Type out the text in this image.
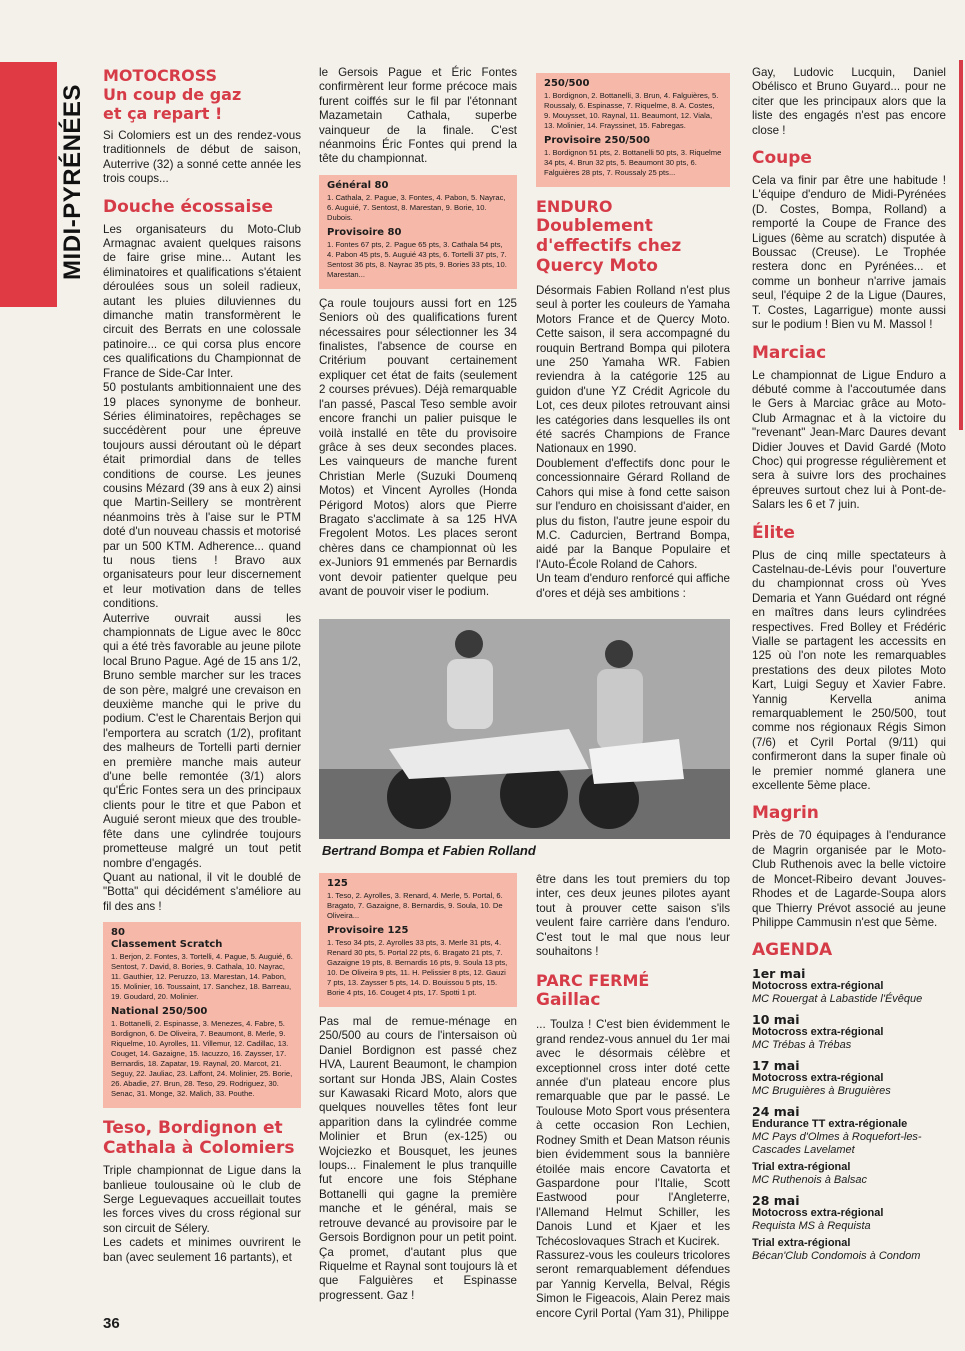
MIDI-PYRÉNÉES
MOTOCROSS
Un coup de gaz
et ça repart !

Si Colomiers est un des rendez-vous traditionnels de début de saison, Auterrive (32) a sonné cette année les trois coups...

Douche écossaise

Les organisateurs du Moto-Club Armagnac avaient quelques raisons de faire grise mine... Autant les éliminatoires et qualifications s'étaient déroulées sous un soleil radieux, autant les pluies diluviennes du dimanche matin transformèrent le circuit des Berrats en une colossale patinoire... ce qui corsa plus encore ces qualifications du Championnat de France de Side-Car Inter.

50 postulants ambitionnaient une des 19 places synonyme de bonheur. Séries éliminatoires, repêchages se succédèrent pour une épreuve toujours aussi déroutant où le départ était primordial dans de telles conditions de course. Les jeunes cousins Mézard (39 ans à eux 2) ainsi que Martin-Seillery se montrèrent néanmoins très à l'aise sur le PTM doté d'un nouveau chassis et motorisé par un 500 KTM. Adherence... quand tu nous tiens ! Bravo aux organisateurs pour leur discernement et leur motivation dans de telles conditions.

Auterrive ouvrait aussi les championnats de Ligue avec le 80cc qui a été très favorable au jeune pilote local Bruno Pague. Agé de 15 ans 1/2, Bruno semble marcher sur les traces de son père, malgré une crevaison en deuxième manche qui le prive du podium. C'est le Charentais Berjon qui l'emportera au scratch (1/2), profitant des malheurs de Tortelli parti dernier en première manche mais auteur d'une belle remontée (3/1) alors qu'Éric Fontes sera un des principaux clients pour le titre et que Pabon et Auguié seront mieux que des trouble-fête dans une cylindrée toujours prometteuse malgré un tout petit nombre d'engagés.

Quant au national, il vit le doublé de "Botta" qui décidément s'améliore au fil des ans !

80
Classement Scratch
1. Berjon, 2. Fontes, 3. Tortelli, 4. Pague, 5. Auguié, 6. Sentost, 7. David, 8. Bories, 9. Cathala, 10. Nayrac, 11. Gauthier, 12. Peruzzo, 13. Marestan, 14. Pabon, 15. Molinier, 16. Toussaint, 17. Sanchez, 18. Barreau, 19. Goudard, 20. Molinier.
National 250/500
1. Bottanelli, 2. Espinasse, 3. Menezes, 4. Fabre, 5. Bordignon, 6. De Oliveira, 7. Beaumont, 8. Merle, 9. Riquelme, 10. Ayrolles, 11. Villemur, 12. Cadillac, 13. Couget, 14. Gazaigne, 15. Iacuzzo, 16. Zaysser, 17. Bernardis, 18. Zapatar, 19. Raynal, 20. Marcot, 21. Seguy, 22. Jauliac, 23. Laffont, 24. Molinier, 25. Borie, 26. Abadie, 27. Brun, 28. Teso, 29. Rodriguez, 30. Senac, 31. Monge, 32. Malich, 33. Pouthe.
Teso, Bordignon et Cathala à Colomiers

Triple championnat de Ligue dans la banlieue toulousaine où le club de Serge Leguevaques accueillait toutes les forces vives du cross régional sur son circuit de Sélery.

Les cadets et minimes ouvrirent le ban (avec seulement 16 partants), et

le Gersois Pague et Éric Fontes confirmèrent leur forme précoce mais furent coiffés sur le fil par l'étonnant Mazametain Cathala, superbe vainqueur de la finale. C'est néanmoins Éric Fontes qui prend la tête du championnat.

Général 80
1. Cathala, 2. Pague, 3. Fontes, 4. Pabon, 5. Nayrac, 6. Auguié, 7. Sentost, 8. Marestan, 9. Borie, 10. Dubois.
Provisoire 80
1. Fontes 67 pts, 2. Pague 65 pts, 3. Cathala 54 pts, 4. Pabon 45 pts, 5. Auguié 43 pts, 6. Tortelli 37 pts, 7. Sentost 36 pts, 8. Nayrac 35 pts, 9. Bories 33 pts, 10. Marestan...

Ça roule toujours aussi fort en 125 Seniors où des qualifications furent nécessaires pour sélectionner les 34 finalistes, l'absence de course en Critérium pouvant certainement expliquer cet état de faits (seulement 2 courses prévues). Déjà remarquable l'an passé, Pascal Teso semble avoir encore franchi un palier puisque le voilà installé en tête du provisoire grâce à ses deux secondes places. Les vainqueurs de manche furent Christian Merle (Suzuki Doumenq Motos) et Vincent Ayrolles (Honda Périgord Motos) alors que Pierre Bragato s'acclimate à sa 125 HVA Fregolent Motos. Les places seront chères dans ce championnat où les ex-Juniors 91 emmenés par Bernardis vont devoir patienter quelque peu avant de pouvoir viser le podium.

125
1. Teso, 2. Ayrolles, 3. Renard, 4. Merle, 5. Portal, 6. Bragato, 7. Gazaigne, 8. Bernardis, 9. Soula, 10. De Oliveira...
Provisoire 125
1. Teso 34 pts, 2. Ayrolles 33 pts, 3. Merle 31 pts, 4. Renard 30 pts, 5. Portal 22 pts, 6. Bragato 21 pts, 7. Gazaigne 19 pts, 8. Bernardis 16 pts, 9. Soula 13 pts, 10. De Oliveira 9 pts, 11. H. Pelissier 8 pts, 12. Gauzi 7 pts, 13. Zaysser 5 pts, 14. D. Bouissou 5 pts, 15. Borie 4 pts, 16. Couget 4 pts, 17. Spotti 1 pt.

Pas mal de remue-ménage en 250/500 au cours de l'intersaison où Daniel Bordignon est passé chez HVA, Laurent Beaumont, le champion sortant sur Honda JBS, Alain Costes sur Kawasaki Ricard Moto, alors que quelques nouvelles têtes font leur apparition dans la cylindrée comme Molinier et Brun (ex-125) ou Wojciezko et Bousquet, les jeunes loups... Finalement le plus tranquille fut encore une fois Stéphane Bottanelli qui gagne la première manche et le général, mais se retrouve devancé au provisoire par le Gersois Bordignon pour un petit point. Ça promet, d'autant plus que Riquelme et Raynal sont toujours là et que Falguières et Espinasse progressent. Gaz !

250/500
1. Bordignon, 2. Bottanelli, 3. Brun, 4. Falguières, 5. Roussaly, 6. Espinasse, 7. Riquelme, 8. A. Costes, 9. Mouysset, 10. Raynal, 11. Beaumont, 12. Viala, 13. Molinier, 14. Frayssinet, 15. Fabregas.
Provisoire 250/500
1. Bordignon 51 pts, 2. Bottanelli 50 pts, 3. Riquelme 34 pts, 4. Brun 32 pts, 5. Beaumont 30 pts, 6. Falguières 28 pts, 7. Roussaly 25 pts...
ENDURO
Doublement d'effectifs chez Quercy Moto

Désormais Fabien Rolland n'est plus seul à porter les couleurs de Yamaha Motors France et de Quercy Moto. Cette saison, il sera accompagné du rouquin Bertrand Bompa qui pilotera une 250 Yamaha WR. Fabien reviendra à la catégorie 125 au guidon d'une YZ Crédit Agricole du Lot, ces deux pilotes retrouvant ainsi les catégories dans lesquelles ils ont été sacrés Champions de France Nationaux en 1990.

Doublement d'effectifs donc pour le concessionnaire Gérard Rolland de Cahors qui mise à fond cette saison sur l'enduro en choisissant d'aider, en plus du fiston, l'autre jeune espoir du M.C. Cadurcien, Bertrand Bompa, aidé par la Banque Populaire et l'Auto-École Roland de Cahors.

Un team d'enduro renforcé qui affiche d'ores et déjà ses ambitions :

Bertrand Bompa et Fabien Rolland

être dans les tout premiers du top inter, ces deux jeunes pilotes ayant tout à prouver cette saison s'ils veulent faire carrière dans l'enduro. C'est tout le mal que nous leur souhaitons !

PARC FERMÉ
Gaillac

... Toulza ! C'est bien évidemment le grand rendez-vous annuel du 1er mai avec le désormais célèbre et exceptionnel cross inter doté cette année d'un plateau encore plus remarquable que par le passé. Le Toulouse Moto Sport vous présentera à cette occasion Ron Lechien, Rodney Smith et Dean Matson réunis bien évidemment sous la bannière étoilée mais encore Cavatorta et Gaspardone pour l'Italie, Scott Eastwood pour l'Angleterre, l'Allemand Helmut Schiller, les Danois Lund et Kjaer et les Tchécoslovaques Strach et Kucirek.

Rassurez-vous les couleurs tricolores seront remarquablement défendues par Yannig Kervella, Belval, Régis Simon le Figeacois, Alain Perez mais encore Cyril Portal (Yam 31), Philippe

Gay, Ludovic Lucquin, Daniel Obélisco et Bruno Guyard... pour ne citer que les principaux alors que la liste des engagés n'est pas encore close !

Coupe

Cela va finir par être une habitude ! L'équipe d'enduro de Midi-Pyrénées (D. Costes, Bompa, Rolland) a remporté la Coupe de France des Ligues (6ème au scratch) disputée à Boussac (Creuse). Le Trophée restera donc en Pyrénées... et comme un bonheur n'arrive jamais seul, l'équipe 2 de la Ligue (Daures, T. Costes, Lagarrigue) monte aussi sur le podium ! Bien vu M. Massol !

Marciac

Le championnat de Ligue Enduro a débuté comme à l'accoutumée dans le Gers à Marciac grâce au Moto-Club Armagnac et à la victoire du "revenant" Jean-Marc Daures devant Didier Jouves et David Gardé (Moto Choc) qui progresse régulièrement et sera à suivre lors des prochaines épreuves surtout chez lui à Pont-de-Salars les 6 et 7 juin.

Élite

Plus de cinq mille spectateurs à Castelnau-de-Lévis pour l'ouverture du championnat cross où Yves Demaria et Yann Guédard ont régné en maîtres dans leurs cylindrées respectives. Fred Bolley et Frédéric Vialle se partagent les accessits en 125 où l'on note les remarquables prestations des deux pilotes Moto Kart, Luigi Seguy et Xavier Fabre. Yannig Kervella anima remarquablement le 250/500, tout comme nos régionaux Régis Simon (7/6) et Cyril Portal (9/11) qui confirmeront dans la super finale où le premier nommé glanera une excellente 5ème place.

Magrin

Près de 70 équipages à l'endurance de Magrin organisée par le Moto-Club Ruthenois avec la belle victoire de Moncet-Ribeiro devant Jouves-Rhodes et de Lagarde-Soupa alors que Thierry Prévot associé au jeune Philippe Cammusin n'est que 5ème.

AGENDA
1er mai
Motocross extra-régional
MC Rouergat à Labastide l'Évêque
10 mai
Motocross extra-régional
MC Trébas à Trébas
17 mai
Motocross extra-régional
MC Bruguières à Bruguières
24 mai
Endurance TT extra-régionale
MC Pays d'Olmes à Roquefort-les-Cascades Lavelamet
Trial extra-régional
MC Ruthenois à Balsac
28 mai
Motocross extra-régional
Requista MS à Requista
Trial extra-régional
Bécan'Club Condomois à Condom
36
